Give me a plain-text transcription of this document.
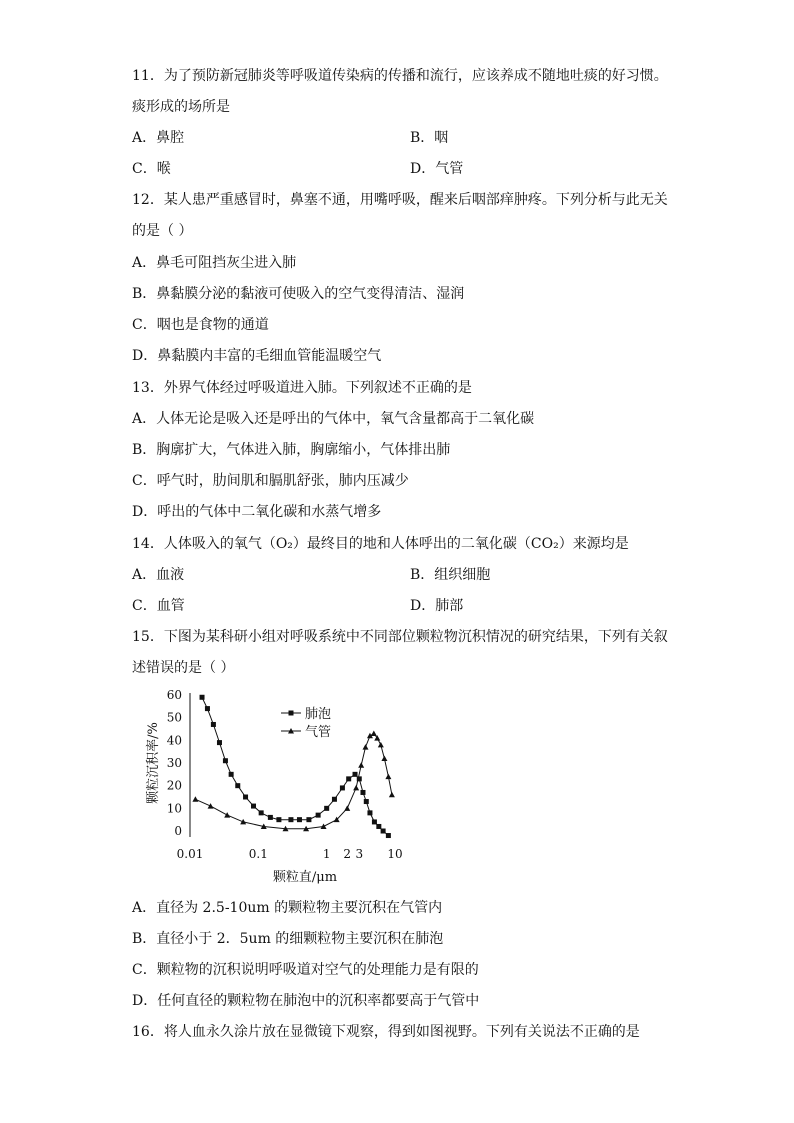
11．为了预防新冠肺炎等呼吸道传染病的传播和流行，应该养成不随地吐痰的好习惯。
痰形成的场所是
A．鼻腔	B．咽
C．喉	D．气管
12．某人患严重感冒时，鼻塞不通，用嘴呼吸，醒来后咽部痒肿疼。下列分析与此无关
的是（ ）
A．鼻毛可阻挡灰尘进入肺
B．鼻黏膜分泌的黏液可使吸入的空气变得清洁、湿润
C．咽也是食物的通道
D．鼻黏膜内丰富的毛细血管能温暖空气
13．外界气体经过呼吸道进入肺。下列叙述不正确的是
A．人体无论是吸入还是呼出的气体中，氧气含量都高于二氧化碳
B．胸廓扩大，气体进入肺，胸廓缩小，气体排出肺
C．呼气时，肋间肌和膈肌舒张，肺内压减少
D．呼出的气体中二氧化碳和水蒸气增多
14．人体吸入的氧气（O₂）最终目的地和人体呼出的二氧化碳（CO₂）来源均是
A．血液	B．组织细胞
C．血管	D．肺部
15．下图为某科研小组对呼吸系统中不同部位颗粒物沉积情况的研究结果，下列有关叙
述错误的是（ ）
0
10
20
30
40
50
60
0.01	0.1	1 2 3 10
颗粒沉积率/%
颗粒直/μm
肺泡
气管
A．直径为 2.5-10um 的颗粒物主要沉积在气管内
B．直径小于 2．5um 的细颗粒物主要沉积在肺泡
C．颗粒物的沉积说明呼吸道对空气的处理能力是有限的
D．任何直径的颗粒物在肺泡中的沉积率都要高于气管中
16．将人血永久涂片放在显微镜下观察，得到如图视野。下列有关说法不正确的是
